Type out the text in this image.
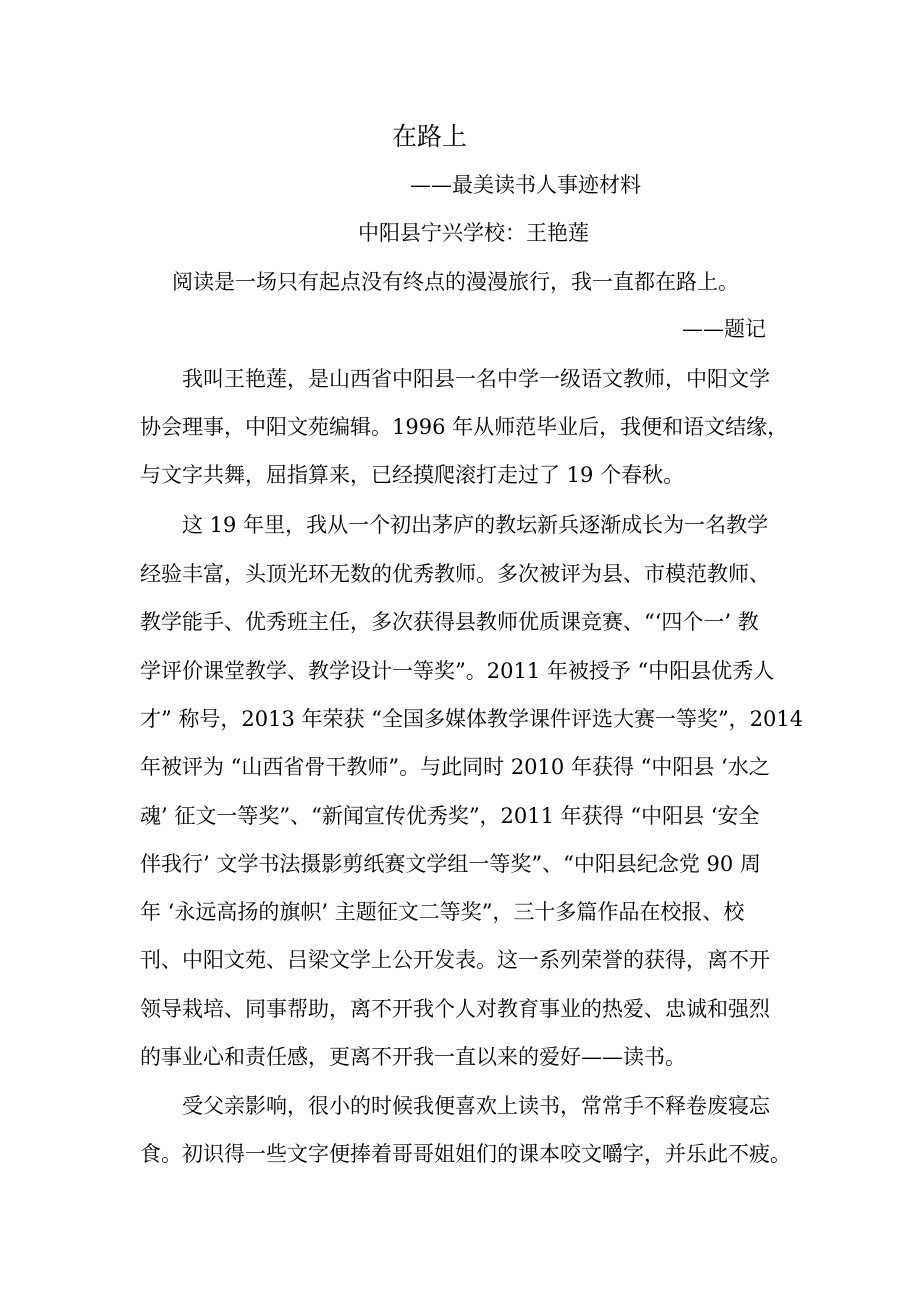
在路上
——最美读书人事迹材料
中阳县宁兴学校：王艳莲
阅读是一场只有起点没有终点的漫漫旅行，我一直都在路上。
——题记
我叫王艳莲，是山西省中阳县一名中学一级语文教师，中阳文学
协会理事，中阳文苑编辑。1996 年从师范毕业后，我便和语文结缘，
与文字共舞，屈指算来，已经摸爬滚打走过了 19 个春秋。
这 19 年里，我从一个初出茅庐的教坛新兵逐渐成长为一名教学
经验丰富，头顶光环无数的优秀教师。多次被评为县、市模范教师、
教学能手、优秀班主任，多次获得县教师优质课竞赛、“‘四个一’ 教
学评价课堂教学、教学设计一等奖”。2011 年被授予 “中阳县优秀人
才” 称号，2013 年荣获 “全国多媒体教学课件评选大赛一等奖”，2014
年被评为 “山西省骨干教师”。与此同时 2010 年获得 “中阳县 ‘水之
魂’ 征文一等奖”、“新闻宣传优秀奖”，2011 年获得 “中阳县 ‘安全
伴我行’ 文学书法摄影剪纸赛文学组一等奖”、“中阳县纪念党 90 周
年 ‘永远高扬的旗帜’ 主题征文二等奖”，三十多篇作品在校报、校
刊、中阳文苑、吕梁文学上公开发表。这一系列荣誉的获得，离不开
领导栽培、同事帮助，离不开我个人对教育事业的热爱、忠诚和强烈
的事业心和责任感，更离不开我一直以来的爱好——读书。
受父亲影响，很小的时候我便喜欢上读书，常常手不释卷废寝忘
食。初识得一些文字便捧着哥哥姐姐们的课本咬文嚼字，并乐此不疲。
